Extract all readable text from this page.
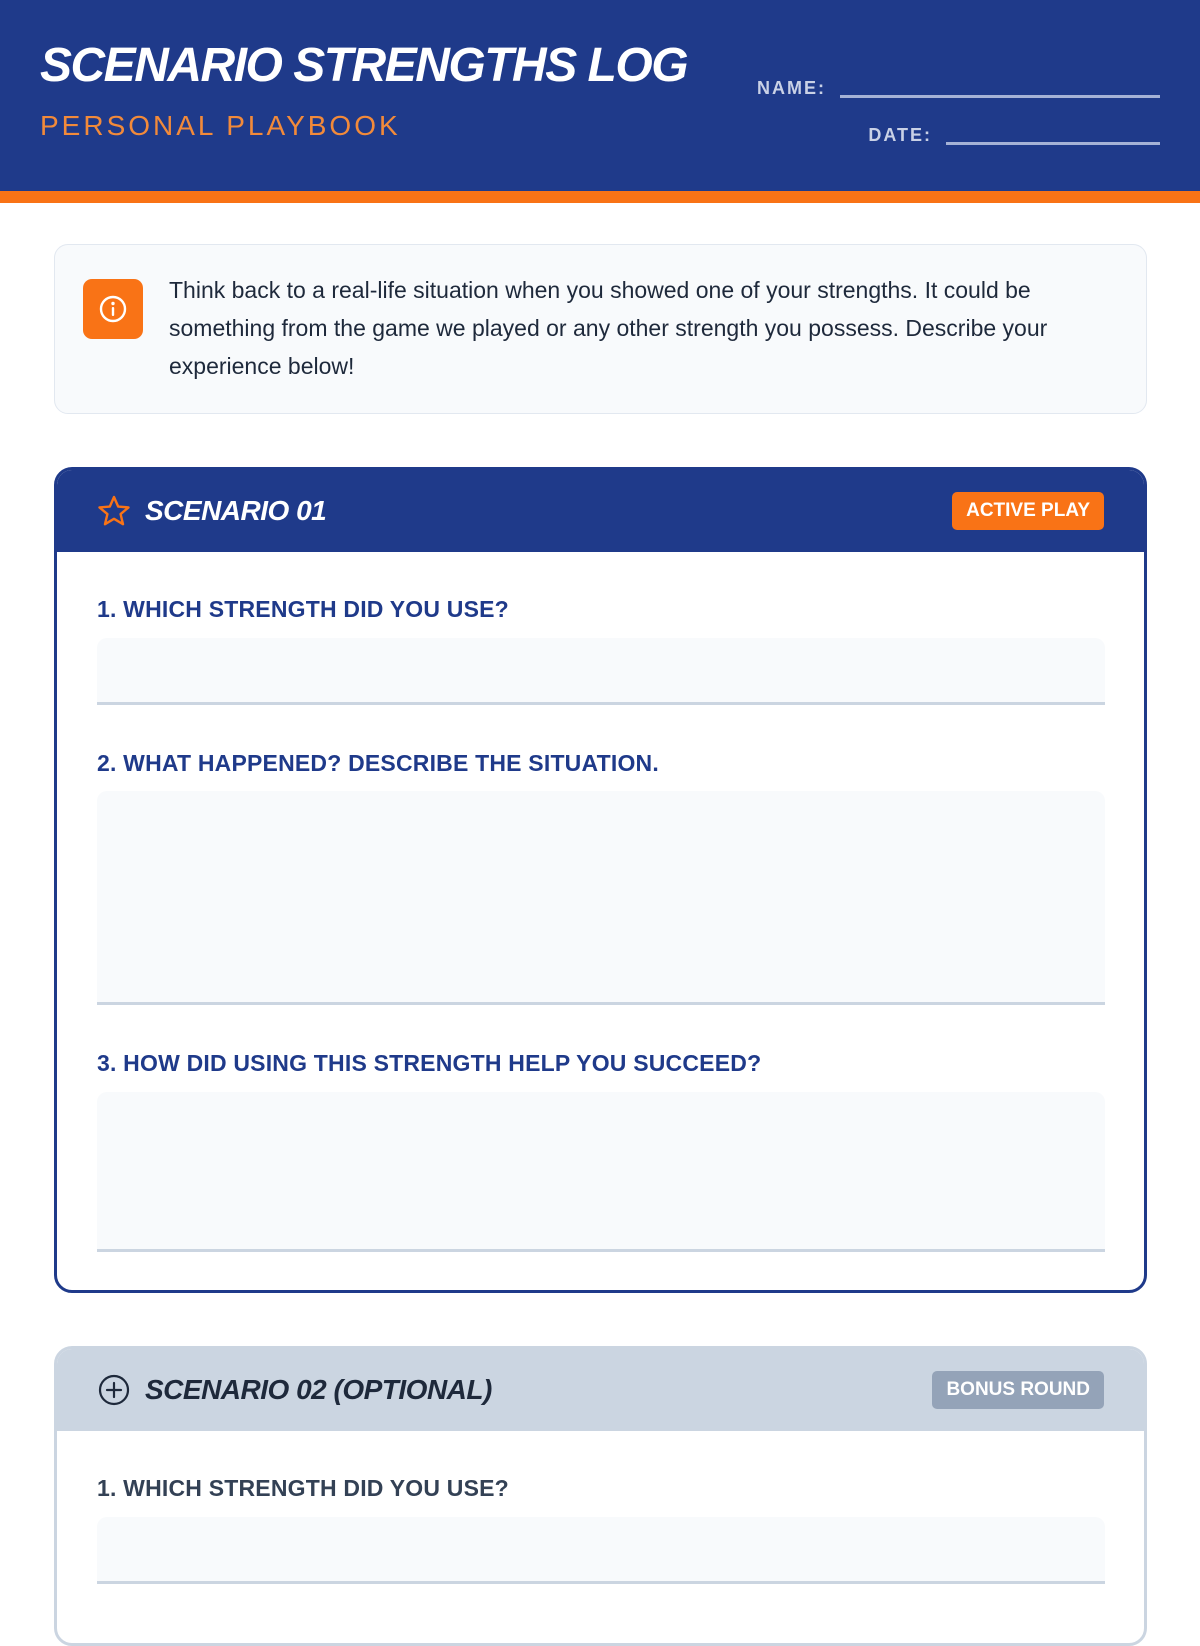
SCENARIO STRENGTHS LOG
PERSONAL PLAYBOOK
NAME:
DATE:
Think back to a real-life situation when you showed one of your strengths. It could be something from the game we played or any other strength you possess. Describe your experience below!
SCENARIO 01	ACTIVE PLAY
1. WHICH STRENGTH DID YOU USE?
2. WHAT HAPPENED? DESCRIBE THE SITUATION.
3. HOW DID USING THIS STRENGTH HELP YOU SUCCEED?
SCENARIO 02 (OPTIONAL)	BONUS ROUND
1. WHICH STRENGTH DID YOU USE?
